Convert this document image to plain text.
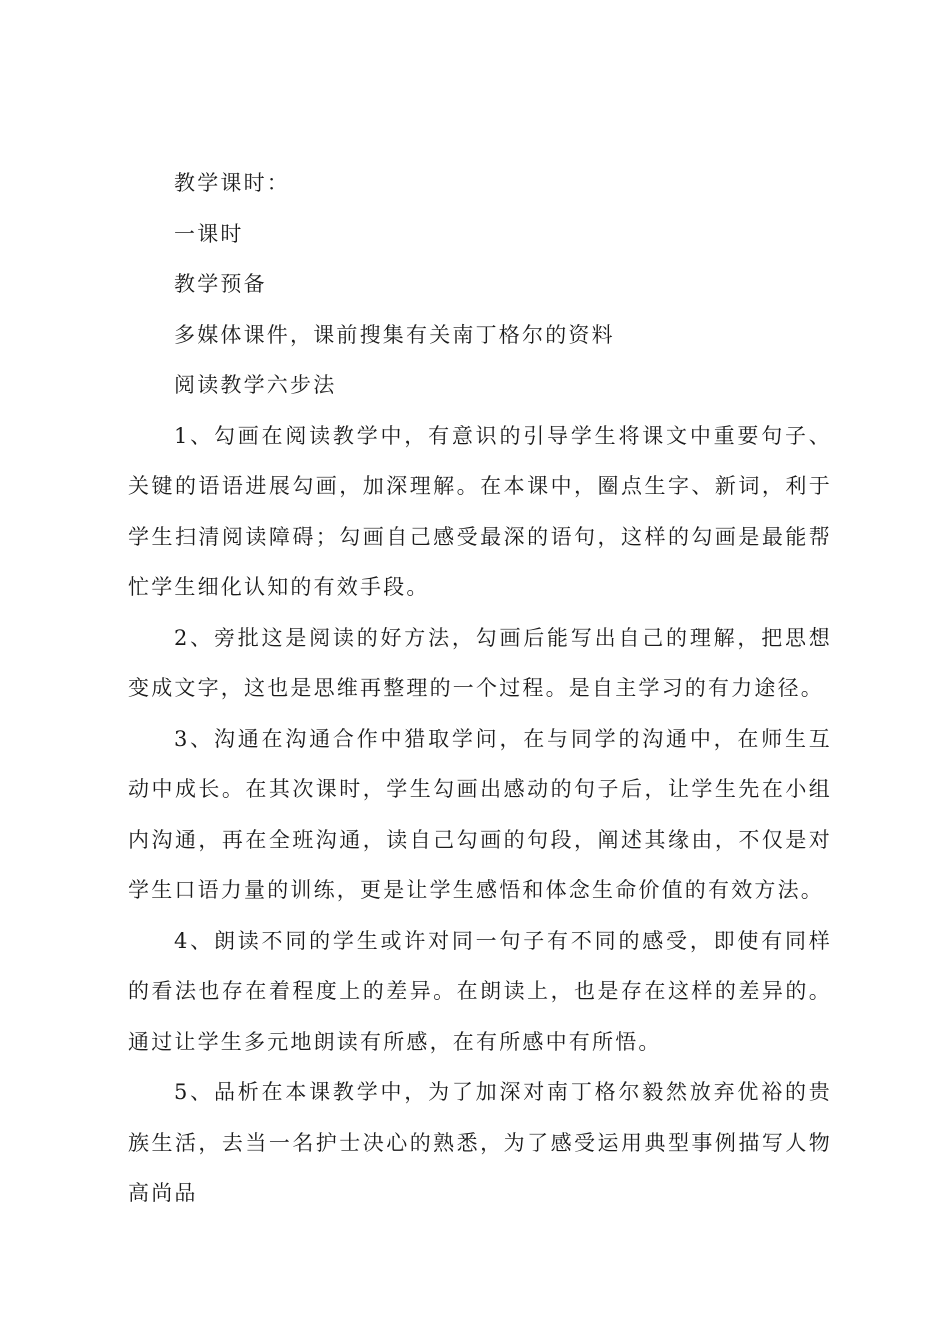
教学课时：

一课时

教学预备

多媒体课件，课前搜集有关南丁格尔的资料

阅读教学六步法

1、勾画在阅读教学中，有意识的引导学生将课文中重要句子、关键的语语进展勾画，加深理解。在本课中，圈点生字、新词，利于学生扫清阅读障碍；勾画自己感受最深的语句，这样的勾画是最能帮忙学生细化认知的有效手段。

2、旁批这是阅读的好方法，勾画后能写出自己的理解，把思想变成文字，这也是思维再整理的一个过程。是自主学习的有力途径。

3、沟通在沟通合作中猎取学问，在与同学的沟通中，在师生互动中成长。在其次课时，学生勾画出感动的句子后，让学生先在小组内沟通，再在全班沟通，读自己勾画的句段，阐述其缘由，不仅是对学生口语力量的训练，更是让学生感悟和体念生命价值的有效方法。

4、朗读不同的学生或许对同一句子有不同的感受，即使有同样的看法也存在着程度上的差异。在朗读上，也是存在这样的差异的。通过让学生多元地朗读有所感，在有所感中有所悟。

5、品析在本课教学中，为了加深对南丁格尔毅然放弃优裕的贵族生活，去当一名护士决心的熟悉，为了感受运用典型事例描写人物高尚品
